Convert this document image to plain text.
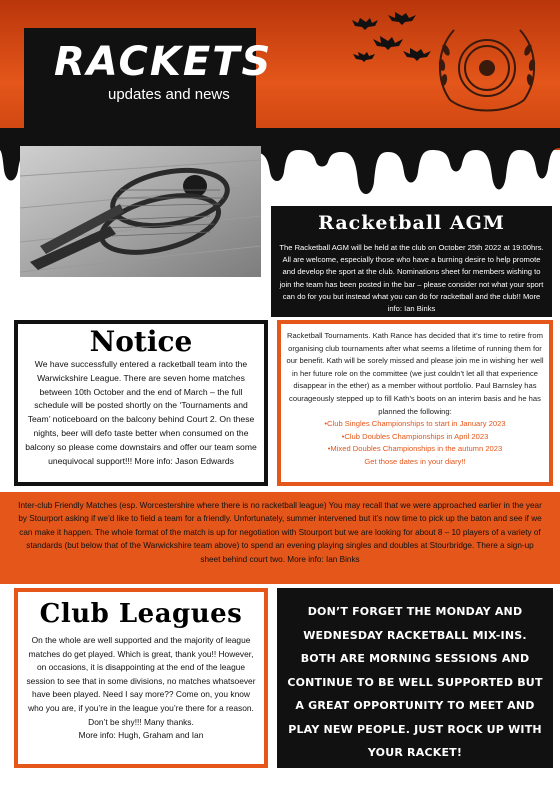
RACKETS
updates and news
Racketball AGM
The Racketball AGM will be held at the club on October 25th 2022 at 19:00hrs. All are welcome, especially those who have a burning desire to help promote and develop the sport at the club. Nominations sheet for members wishing to join the team has been posted in the bar – please consider not what your sport can do for you but instead what you can do for racketball and the club!! More info: Ian Binks
Notice
We have successfully entered a racketball team into the Warwickshire League. There are seven home matches between 10th October and the end of March – the full schedule will be posted shortly on the ‘Tournaments and Team’ noticeboard on the balcony behind Court 2. On these nights, beer will defo taste better when consumed on the balcony so please come downstairs and offer our team some unequivocal support!!! More info: Jason Edwards
Racketball Tournaments. Kath Rance has decided that it’s time to retire from organising club tournaments after what seems a lifetime of running them for our benefit. Kath will be sorely missed and please join me in wishing her well in her future role on the committee (we just couldn’t let all that experience disappear in the ether) as a member without portfolio. Paul Barnsley has courageously stepped up to fill Kath’s boots on an interim basis and he has planned the following:
• Club Singles Championships to start in January 2023
• Club Doubles Championships in April 2023
• Mixed Doubles Championships in the autumn 2023
Get those dates in your diary!!
Inter-club Friendly Matches (esp. Worcestershire where there is no racketball league) You may recall that we were approached earlier in the year by Stourport asking if we’d like to field a team for a friendly. Unfortunately, summer intervened but it’s now time to pick up the baton and see if we can make it happen. The whole format of the match is up for negotiation with Stourport but we are looking for about 8 – 10 players of a variety of standards (but below that of the Warwickshire team above) to spend an evening playing singles and doubles at Stourbridge. There a sign-up sheet behind court two. More info: Ian Binks
Club Leagues
On the whole are well supported and the majority of league matches do get played. Which is great, thank you!! However, on occasions, it is disappointing at the end of the league session to see that in some divisions, no matches whatsoever have been played. Need I say more?? Come on, you know who you are, if you’re in the league you’re there for a reason. Don’t be shy!!! Many thanks.
More info: Hugh, Graham and Ian
DON’T FORGET THE MONDAY AND WEDNESDAY RACKETBALL MIX-INS. BOTH ARE MORNING SESSIONS AND CONTINUE TO BE WELL SUPPORTED BUT A GREAT OPPORTUNITY TO MEET AND PLAY NEW PEOPLE. JUST ROCK UP WITH YOUR RACKET!
